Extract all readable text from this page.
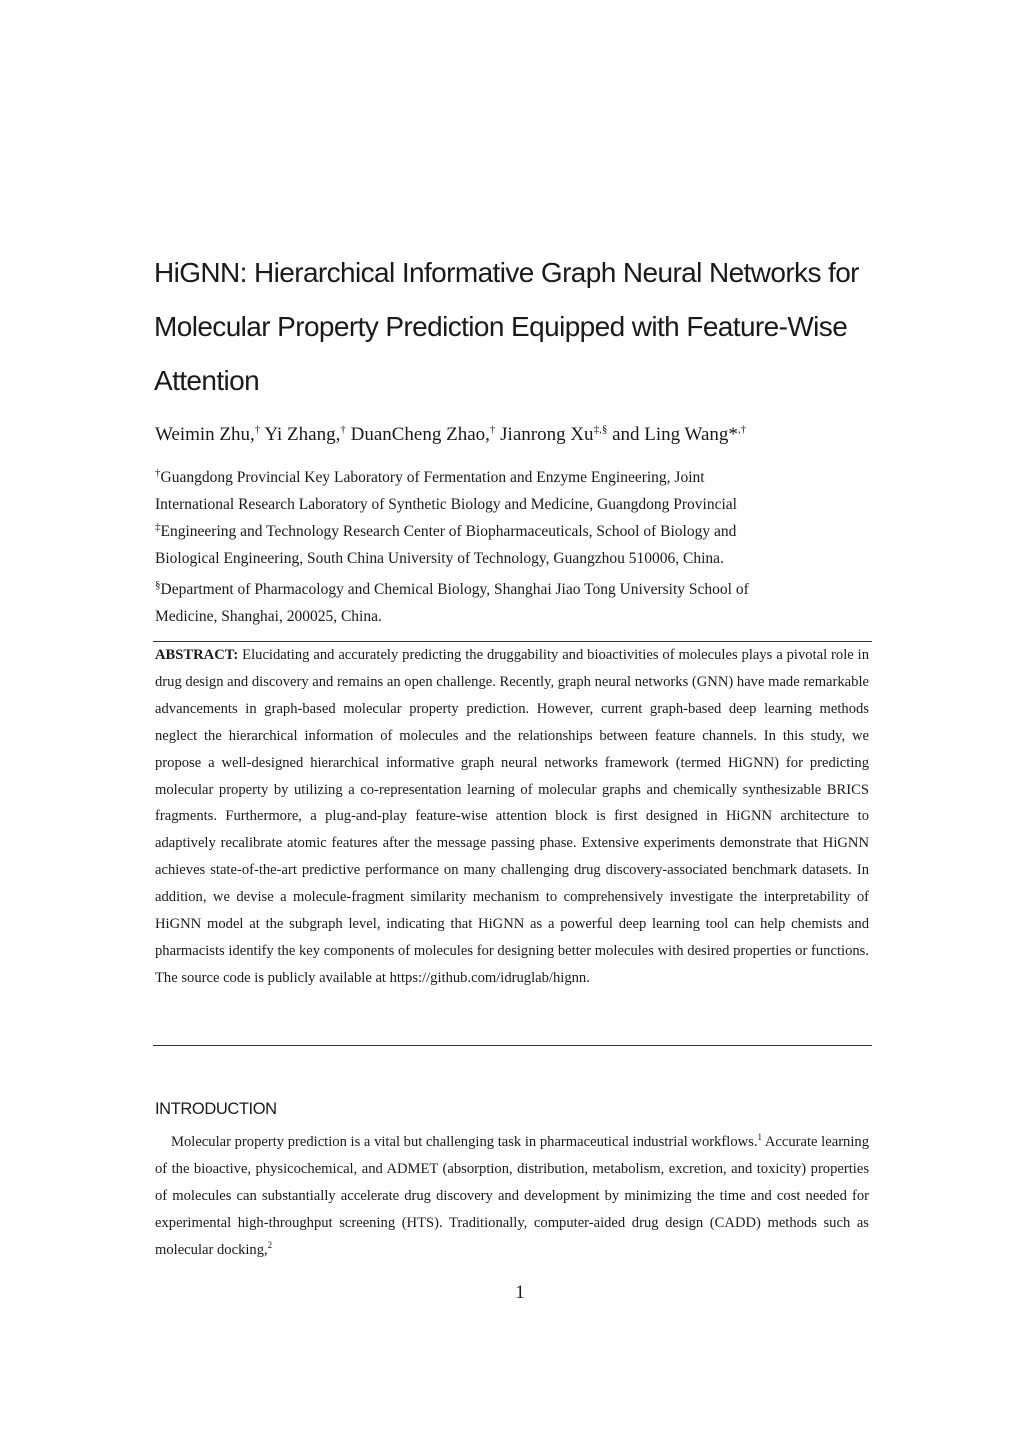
HiGNN: Hierarchical Informative Graph Neural Networks for Molecular Property Prediction Equipped with Feature-Wise Attention
Weimin Zhu,† Yi Zhang,† DuanCheng Zhao,† Jianrong Xu‡,§ and Ling Wang*,†
†Guangdong Provincial Key Laboratory of Fermentation and Enzyme Engineering, Joint
International Research Laboratory of Synthetic Biology and Medicine, Guangdong Provincial
‡Engineering and Technology Research Center of Biopharmaceuticals, School of Biology and
Biological Engineering, South China University of Technology, Guangzhou 510006, China.
§Department of Pharmacology and Chemical Biology, Shanghai Jiao Tong University School of
Medicine, Shanghai, 200025, China.
ABSTRACT: Elucidating and accurately predicting the druggability and bioactivities of molecules plays a pivotal role in drug design and discovery and remains an open challenge. Recently, graph neural networks (GNN) have made remarkable advancements in graph-based molecular property prediction. However, current graph-based deep learning methods neglect the hierarchical information of molecules and the relationships between feature channels. In this study, we propose a well-designed hierarchical informative graph neural networks framework (termed HiGNN) for predicting molecular property by utilizing a co-representation learning of molecular graphs and chemically synthesizable BRICS fragments. Furthermore, a plug-and-play feature-wise attention block is first designed in HiGNN architecture to adaptively recalibrate atomic features after the message passing phase. Extensive experiments demonstrate that HiGNN achieves state-of-the-art predictive performance on many challenging drug discovery-associated benchmark datasets. In addition, we devise a molecule-fragment similarity mechanism to comprehensively investigate the interpretability of HiGNN model at the subgraph level, indicating that HiGNN as a powerful deep learning tool can help chemists and pharmacists identify the key components of molecules for designing better molecules with desired properties or functions. The source code is publicly available at https://github.com/idruglab/hignn.
INTRODUCTION
Molecular property prediction is a vital but challenging task in pharmaceutical industrial workflows.$^1$ Accurate learning of the bioactive, physicochemical, and ADMET (absorption, distribution, metabolism, excretion, and toxicity) properties of molecules can substantially accelerate drug discovery and development by minimizing the time and cost needed for experimental high-throughput screening (HTS). Traditionally, computer-aided drug design (CADD) methods such as molecular docking,$^2$
1
